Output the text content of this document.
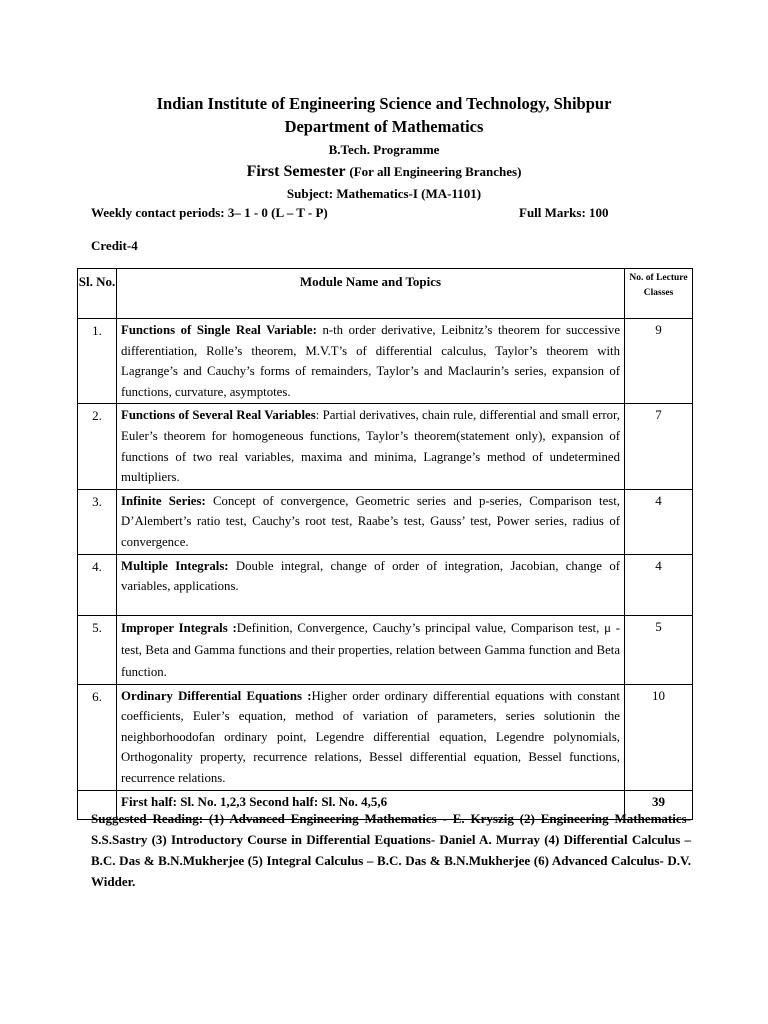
Indian Institute of Engineering Science and Technology, Shibpur
Department of Mathematics
B.Tech. Programme
First Semester (For all Engineering Branches)
Subject: Mathematics-I (MA-1101)
Weekly contact periods: 3– 1 - 0 (L – T - P)	Full Marks: 100
Credit-4
Sl. No.	Module Name and Topics	No. of Lecture Classes
1.	Functions of Single Real Variable: n-th order derivative, Leibnitz’s theorem for successive differentiation, Rolle’s theorem, M.V.T’s of differential calculus, Taylor’s theorem with Lagrange’s and Cauchy’s forms of remainders, Taylor’s and Maclaurin’s series, expansion of functions, curvature, asymptotes.	9
2.	Functions of Several Real Variables: Partial derivatives, chain rule, differential and small error, Euler’s theorem for homogeneous functions, Taylor’s theorem(statement only), expansion of functions of two real variables, maxima and minima, Lagrange’s method of undetermined multipliers.	7
3.	Infinite Series: Concept of convergence, Geometric series and p-series, Comparison test, D’Alembert’s ratio test, Cauchy’s root test, Raabe’s test, Gauss’ test, Power series, radius of convergence.	4
4.	Multiple Integrals: Double integral, change of order of integration, Jacobian, change of variables, applications.	4
5.	Improper Integrals :Definition, Convergence, Cauchy’s principal value, Comparison test, μ -test, Beta and Gamma functions and their properties, relation between Gamma function and Beta function.	5
6.	Ordinary Differential Equations :Higher order ordinary differential equations with constant coefficients, Euler’s equation, method of variation of parameters, series solutionin the neighborhoodofan ordinary point, Legendre differential equation, Legendre polynomials, Orthogonality property, recurrence relations, Bessel differential equation, Bessel functions, recurrence relations.	10
	First half: Sl. No. 1,2,3 Second half: Sl. No. 4,5,6	39
Suggested Reading: (1) Advanced Engineering Mathematics - E. Kryszig (2) Engineering Mathematics- S.S.Sastry (3) Introductory Course in Differential Equations- Daniel A. Murray (4) Differential Calculus – B.C. Das & B.N.Mukherjee (5) Integral Calculus – B.C. Das & B.N.Mukherjee (6) Advanced Calculus- D.V. Widder.
